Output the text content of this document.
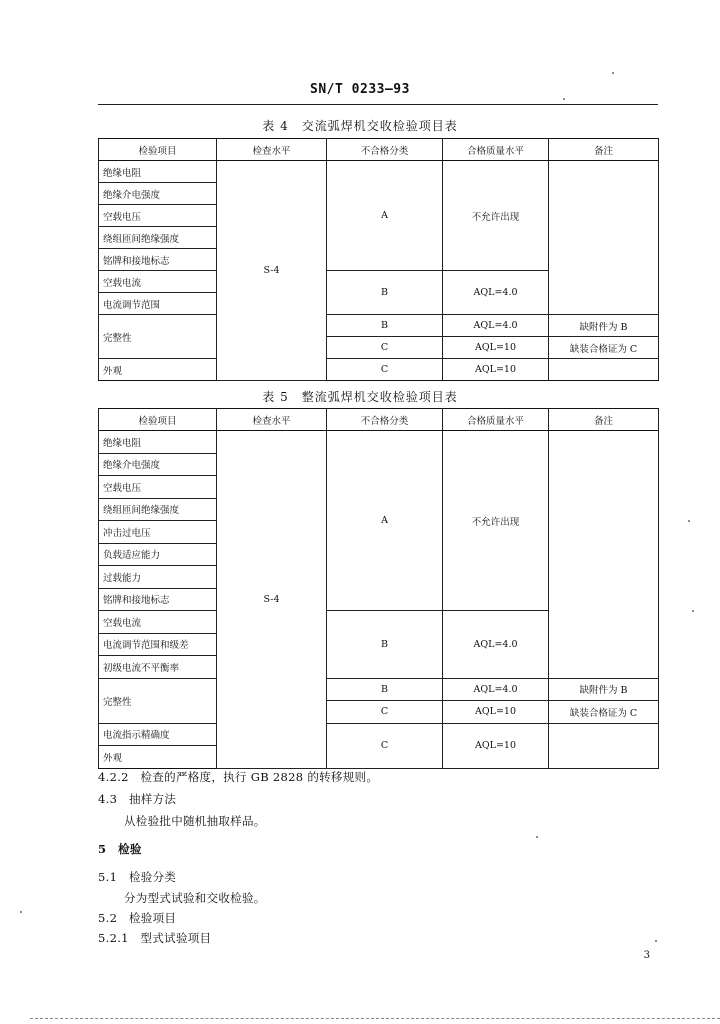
SN/T 0233—93
表 4　交流弧焊机交收检验项目表
检验项目	检查水平	不合格分类	合格质量水平	备注
绝缘电阻	S-4	A	不允许出现	
绝缘介电强度				
空载电压				
绕组匝间绝缘强度				
铭牌和接地标志				
空载电流		B	AQL=4.0	
电流调节范围				
完整性		B	AQL=4.0	缺附件为 B
		C	AQL=10	缺装合格证为 C
外观		C	AQL=10	
表 5　整流弧焊机交收检验项目表
检验项目	检查水平	不合格分类	合格质量水平	备注
绝缘电阻	S-4	A	不允许出现	
绝缘介电强度				
空载电压				
绕组匝间绝缘强度				
冲击过电压				
负载适应能力				
过载能力				
铭牌和接地标志				
空载电流		B	AQL=4.0	
电流调节范围和级差				
初级电流不平衡率				
完整性		B	AQL=4.0	缺附件为 B
		C	AQL=10	缺装合格证为 C
电流指示精确度		C	AQL=10	
外观				
4.2.2　检查的严格度，执行 GB 2828 的转移规则。
4.3　抽样方法
从检验批中随机抽取样品。
5　检验
5.1　检验分类
分为型式试验和交收检验。
5.2　检验项目
5.2.1　型式试验项目
3
